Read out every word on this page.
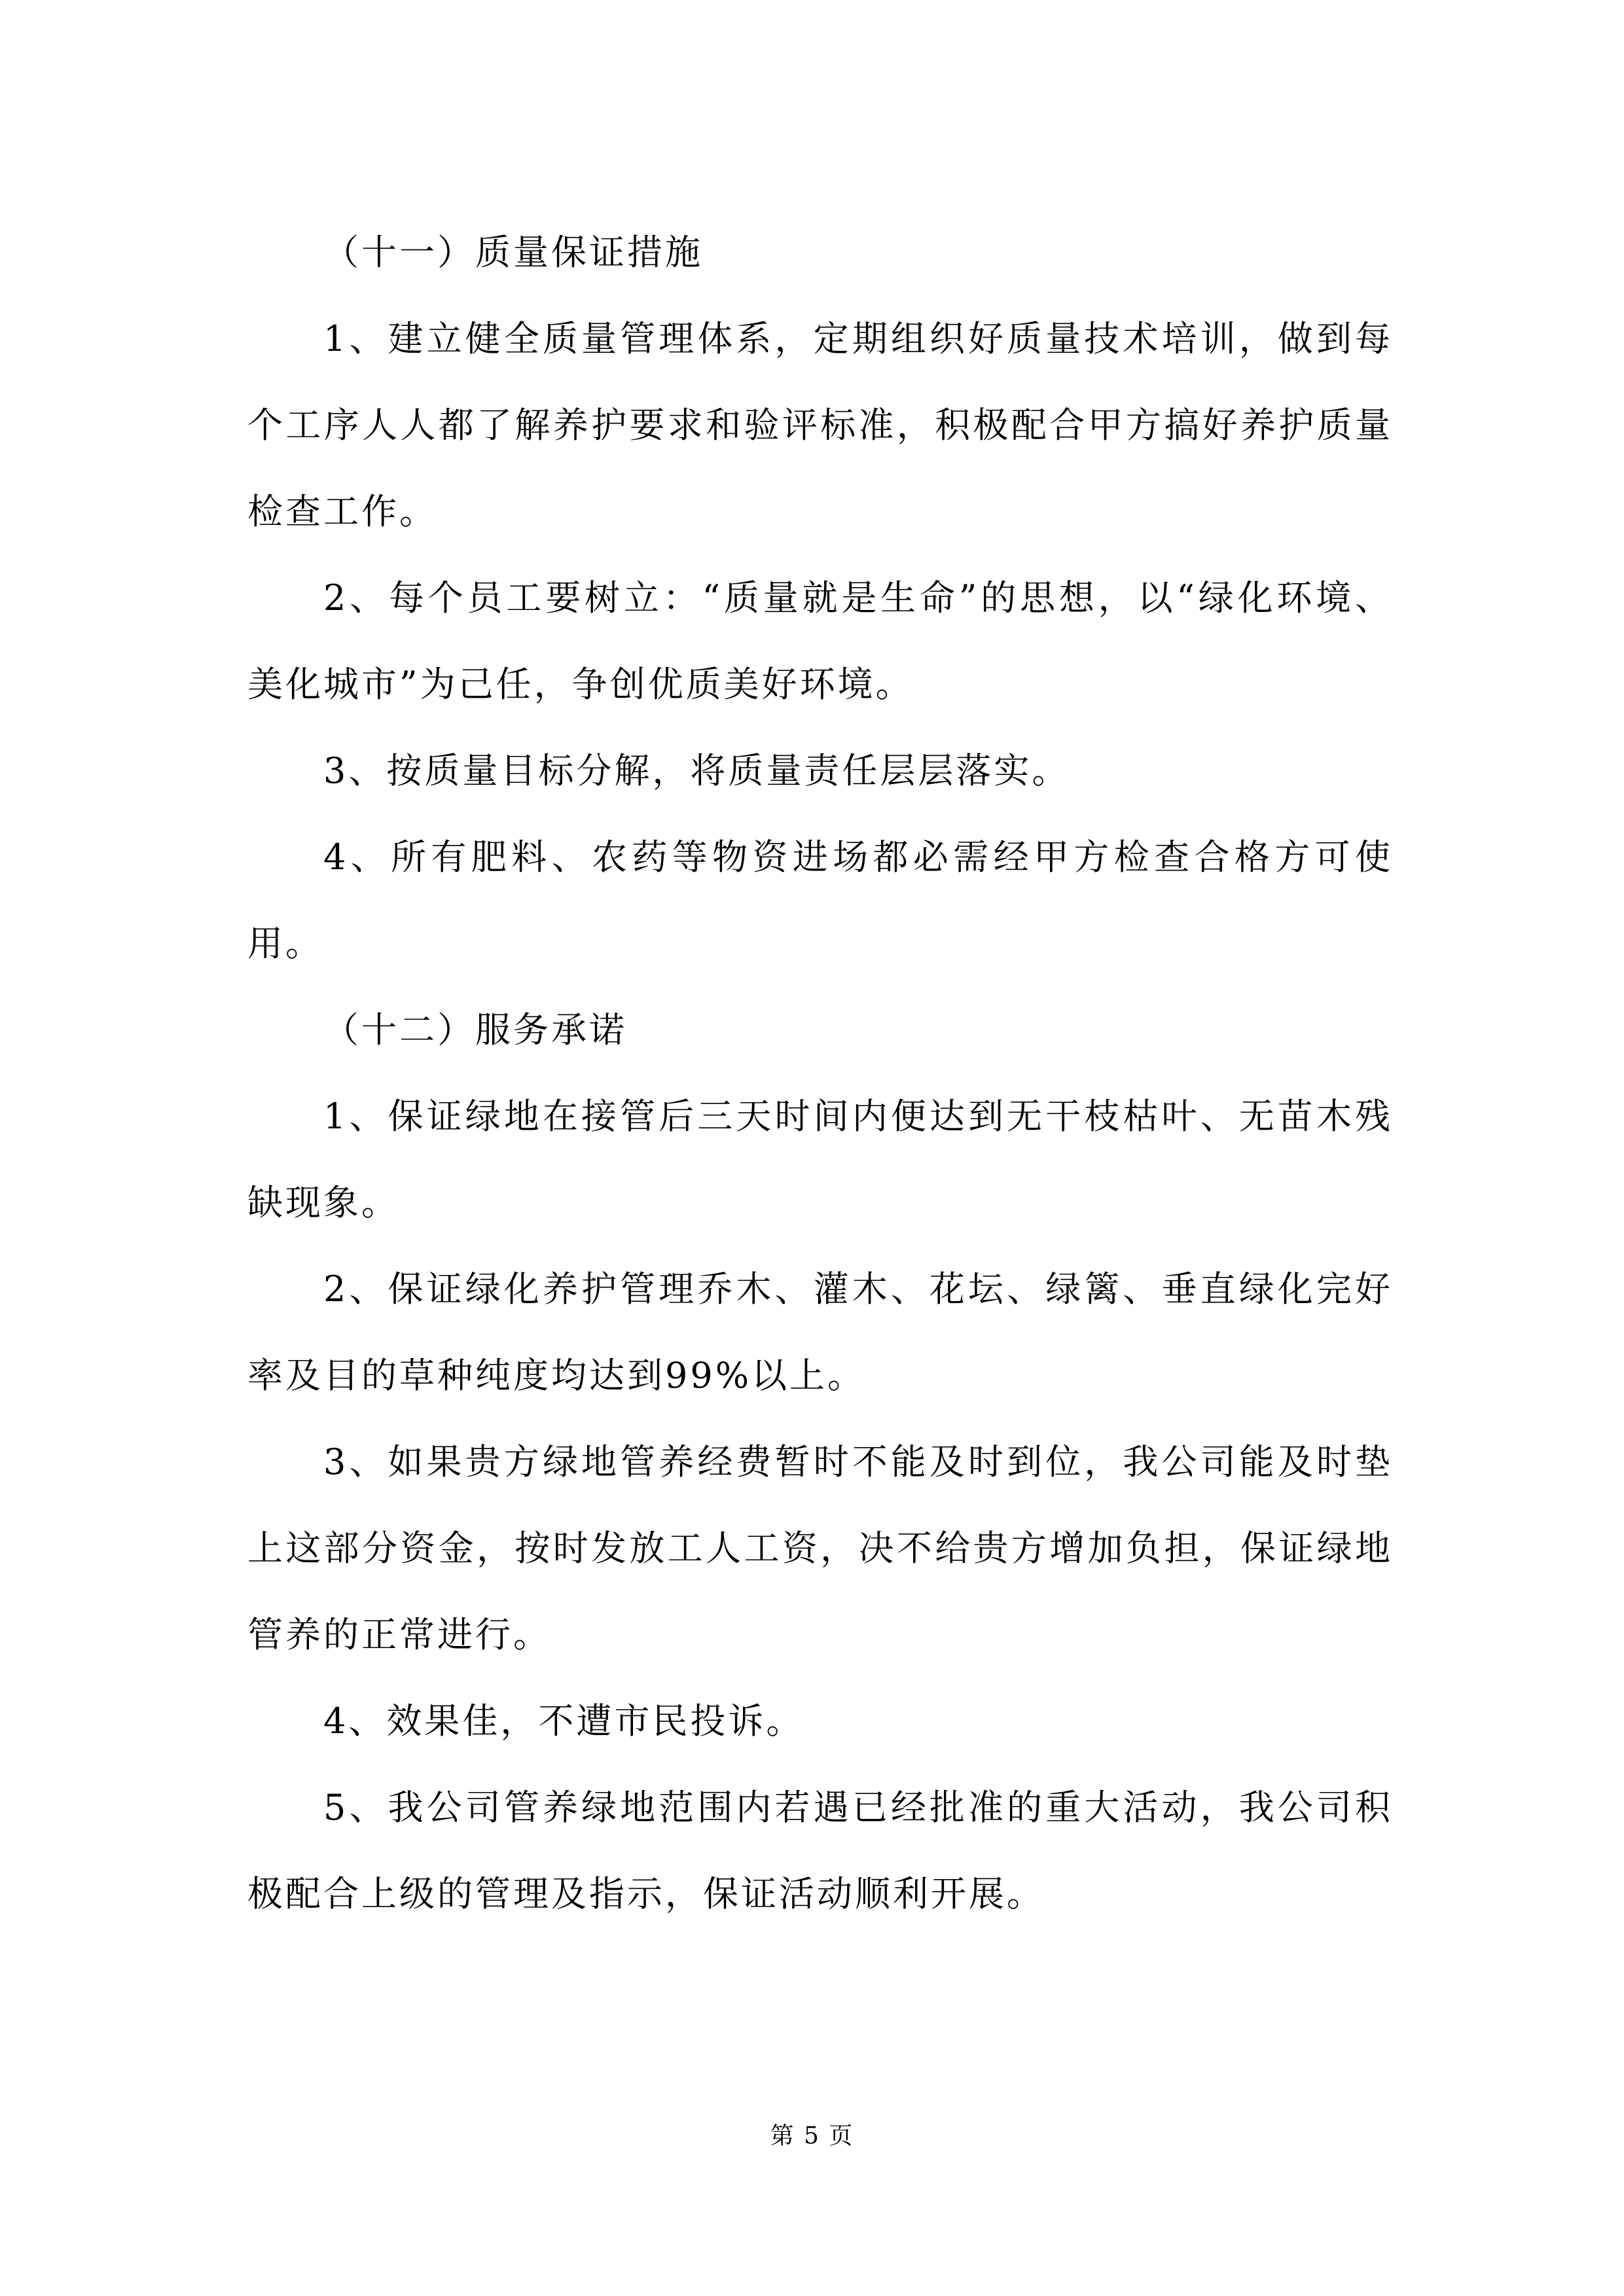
（十一）质量保证措施

1、建立健全质量管理体系，定期组织好质量技术培训，做到每个工序人人都了解养护要求和验评标准，积极配合甲方搞好养护质量检查工作。

2、每个员工要树立：“质量就是生命”的思想，以“绿化环境、美化城市”为己任，争创优质美好环境。

3、按质量目标分解，将质量责任层层落实。

4、所有肥料、农药等物资进场都必需经甲方检查合格方可使用。

（十二）服务承诺

1、保证绿地在接管后三天时间内便达到无干枝枯叶、无苗木残缺现象。

2、保证绿化养护管理乔木、灌木、花坛、绿篱、垂直绿化完好率及目的草种纯度均达到99%以上。

3、如果贵方绿地管养经费暂时不能及时到位，我公司能及时垫上这部分资金，按时发放工人工资，决不给贵方增加负担，保证绿地管养的正常进行。

4、效果佳，不遭市民投诉。

5、我公司管养绿地范围内若遇已经批准的重大活动，我公司积极配合上级的管理及指示，保证活动顺利开展。

第 5 页
